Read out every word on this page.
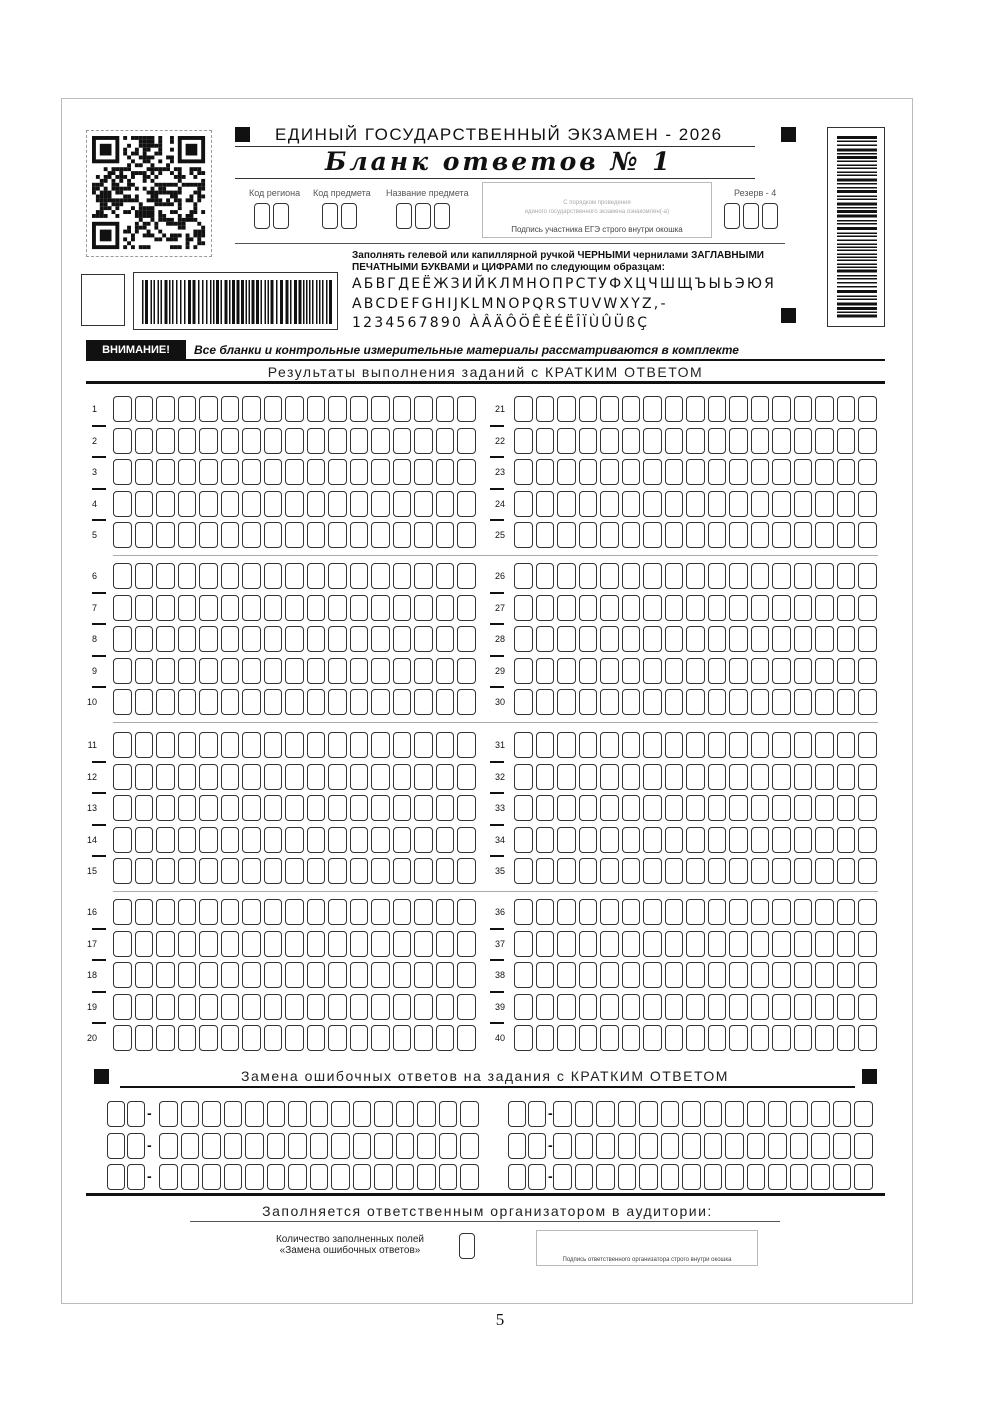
ЕДИНЫЙ ГОСУДАРСТВЕННЫЙ ЭКЗАМЕН - 2026
Бланк ответов № 1
Код региона Код предмета Название предмета
С порядком проведения
единого государственного экзамена ознакомлен(-а)
Подпись участника ЕГЭ строго внутри окошка
Резерв - 4
Заполнять гелевой или капиллярной ручкой ЧЕРНЫМИ чернилами ЗАГЛАВНЫМИ
ПЕЧАТНЫМИ БУКВАМИ и ЦИФРАМИ по следующим образцам:
АБВГДЕЁЖЗИЙКЛМНОПРСТУФХЦЧШЩЪЫЬЭЮЯ
ABCDEFGHIJKLMNOPQRSTUVWXYZ,-
1234567890 ÀÂÄÔÖÊÈÉËÎÏÙÛÜßÇ
ВНИМАНИЕ!	Все бланки и контрольные измерительные материалы рассматриваются в комплекте
Результаты выполнения заданий с КРАТКИМ ОТВЕТОМ
1	21
2	22
3	23
4	24
5	25
6	26
7	27
8	28
9	29
10	30
11	31
12	32
13	33
14	34
15	35
16	36
17	37
18	38
19	39
20	40
Замена ошибочных ответов на задания с КРАТКИМ ОТВЕТОМ
-	-
-	-
-	-
Заполняется ответственным организатором в аудитории:
Количество заполненных полей
«Замена ошибочных ответов»
Подпись ответственного организатора строго внутри окошка
5
